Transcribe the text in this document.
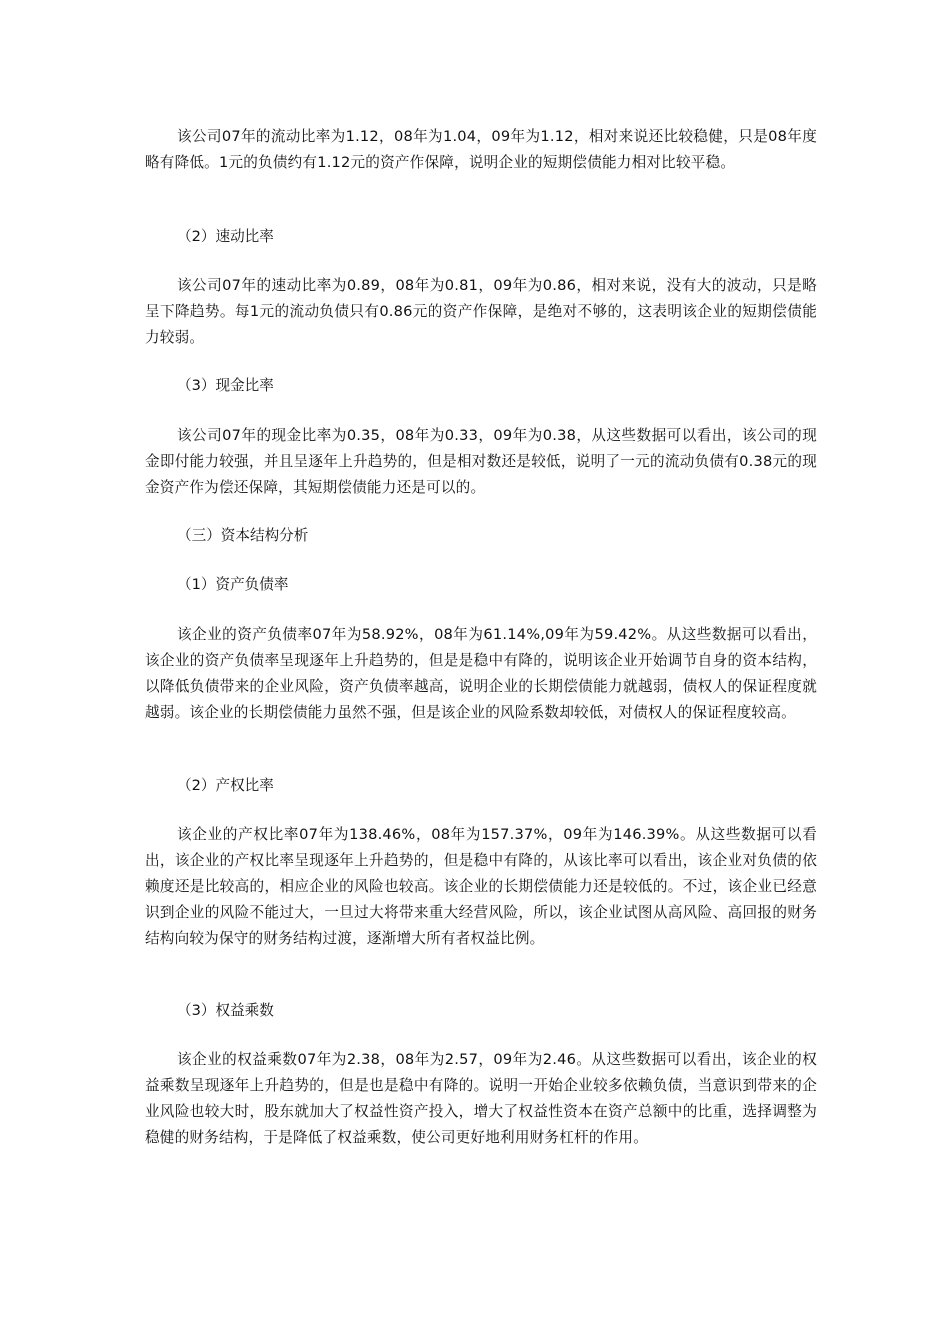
该公司07年的流动比率为1.12，08年为1.04，09年为1.12，相对来说还比较稳健，只是08年度略有降低。1元的负债约有1.12元的资产作保障，说明企业的短期偿债能力相对比较平稳。

（2）速动比率

该公司07年的速动比率为0.89，08年为0.81，09年为0.86，相对来说，没有大的波动，只是略呈下降趋势。每1元的流动负债只有0.86元的资产作保障，是绝对不够的，这表明该企业的短期偿债能力较弱。

（3）现金比率

该公司07年的现金比率为0.35，08年为0.33，09年为0.38，从这些数据可以看出，该公司的现金即付能力较强，并且呈逐年上升趋势的，但是相对数还是较低，说明了一元的流动负债有0.38元的现金资产作为偿还保障，其短期偿债能力还是可以的。

（三）资本结构分析

（1）资产负债率

该企业的资产负债率07年为58.92%，08年为61.14%,09年为59.42%。从这些数据可以看出，该企业的资产负债率呈现逐年上升趋势的，但是是稳中有降的，说明该企业开始调节自身的资本结构，以降低负债带来的企业风险，资产负债率越高，说明企业的长期偿债能力就越弱，债权人的保证程度就越弱。该企业的长期偿债能力虽然不强，但是该企业的风险系数却较低，对债权人的保证程度较高。

（2）产权比率

该企业的产权比率07年为138.46%，08年为157.37%，09年为146.39%。从这些数据可以看出，该企业的产权比率呈现逐年上升趋势的，但是稳中有降的，从该比率可以看出，该企业对负债的依赖度还是比较高的，相应企业的风险也较高。该企业的长期偿债能力还是较低的。不过，该企业已经意识到企业的风险不能过大，一旦过大将带来重大经营风险，所以，该企业试图从高风险、高回报的财务结构向较为保守的财务结构过渡，逐渐增大所有者权益比例。

（3）权益乘数

该企业的权益乘数07年为2.38，08年为2.57，09年为2.46。从这些数据可以看出，该企业的权益乘数呈现逐年上升趋势的，但是也是稳中有降的。说明一开始企业较多依赖负债，当意识到带来的企业风险也较大时，股东就加大了权益性资产投入，增大了权益性资本在资产总额中的比重，选择调整为稳健的财务结构，于是降低了权益乘数，使公司更好地利用财务杠杆的作用。
